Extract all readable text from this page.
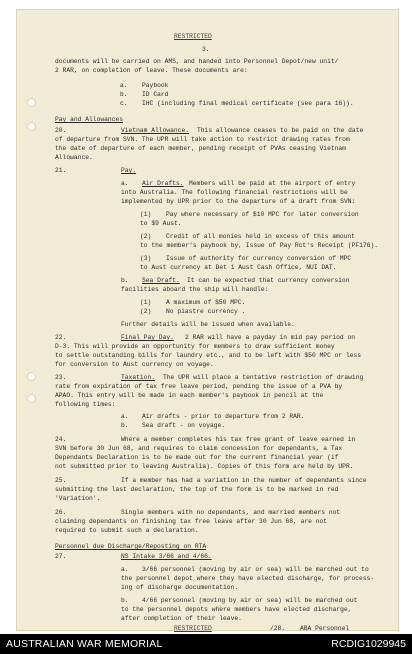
RESTRICTED
3.
documents will be carried on AMS, and handed into Personnel Depot/new unit/
2 RAR, on completion of leave. These documents are:
a. Paybook
b. ID Card
c. IHC (including final medical certificate (see para 16)).
Pay and Allowances
20.	Vietnam Allowance. This allowance ceases to be paid on the date
of departure from SVN. The UPR will take action to restrict drawing rates from
the date of departure of each member, pending receipt of PVAs ceasing Vietnam
Allowance.
21.	Pay.
a. Air Drafts. Members will be paid at the airport of entry
into Australia. The following financial restrictions will be
implemented by UPR prior to the departure of a draft from SVN:
(1) Pay where necessary of $10 MPC for later conversion
to $9 Aust.
(2) Credit of all monies held in excess of this amount
to the member's paybook by, Issue of Pay Rct's Receipt (PF176).
(3) Issue of authority for currency conversion of MPC
to Aust currency at Det 1 Aust Cash Office, NUI DAT.
b. Sea Draft. It can be expected that currency conversion
facilities aboard the ship will handle:
(1) A maximum of $50 MPC.
(2) No piastre currency .
Further details will be issued when available.
22.	Final Pay Day. 2 RAR will have a payday in mid pay period on
D-3. This will provide an opportunity for members to draw sufficient money
to settle outstanding bills for laundry etc., and to be left with $50 MPC or less
for conversion to Aust currency on voyage.
23.	Taxation. The UPR will place a tentative restriction of drawing
rate from expiration of tax free leave period, pending the issue of a PVA by
APAO. This entry will be made in each member's paybook in pencil at the
following times:
a. Air drafts - prior to departure from 2 RAR.
b. Sea draft - on voyage.
24.	Where a member completes his tax free grant of leave earned in
SVN before 30 Jun 68, and requires to claim concession for dependants, a Tax
Dependants Declaration is to be made out for the current financial year (if
not submitted prior to leaving Australia). Copies of this form are held by UPR.
25.	If a member has had a variation in the number of dependants since
submitting the last declaration, the top of the form is to be marked in red
'Variation'.
26.	Single members with no dependants, and married members not
claiming dependants on finishing tax free leave after 30 Jun 68, are not
required to submit such a declaration.
Personnel due Discharge/Reposting on RTA
27.	NS Intake 3/66 and 4/66.
a. 3/66 personnel (moving by air or sea) will be marched out to
the personnel depot where they have elected discharge, for process-
ing of discharge documentation.
b. 4/66 personnel (moving by air or sea) will be marched out
to the personnel depots where members have elected discharge,
after completion of their leave.
RESTRICTED	/28. ABA Personnel
AUSTRALIAN WAR MEMORIAL	RCDIG1029945
